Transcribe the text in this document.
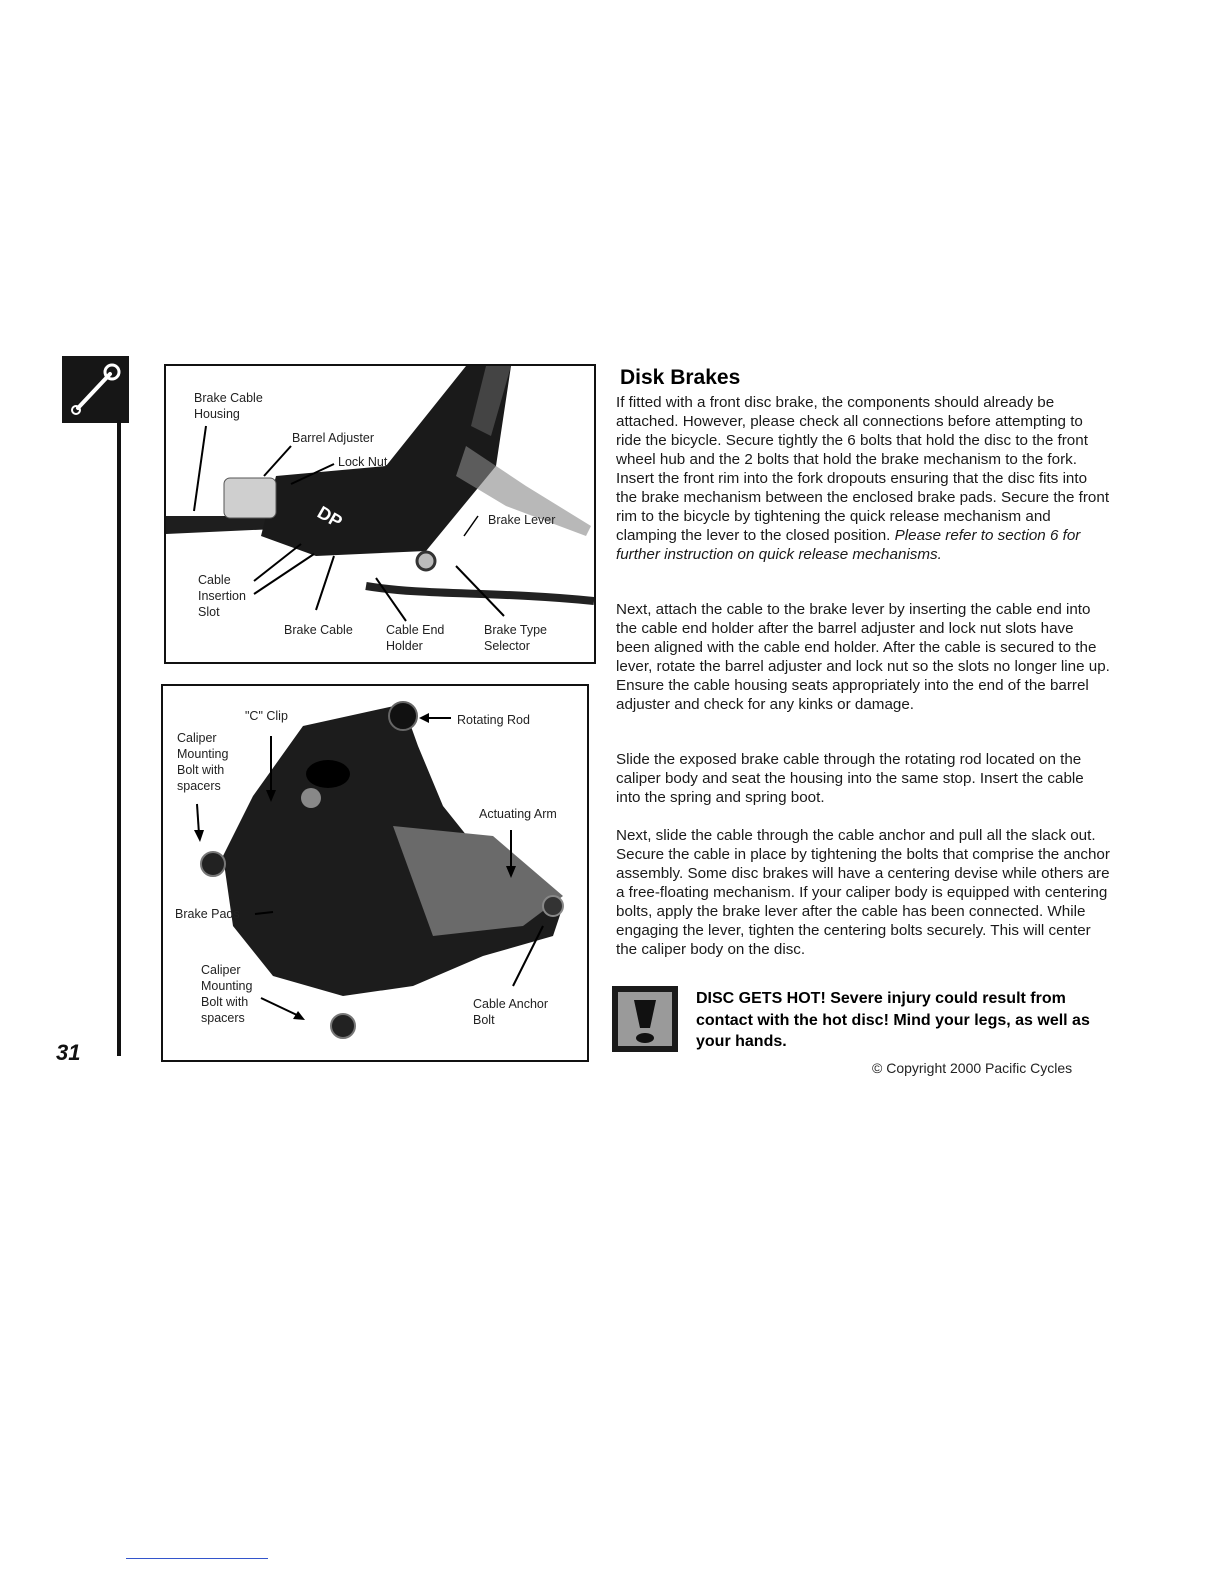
31
DP
Brake Cable
Housing
Barrel Adjuster
Lock Nut
Brake Lever
Cable
Insertion
Slot
Brake Cable	Cable End
Holder
Brake Type
Selector
"C" Clip	Rotating Rod
Caliper
Mounting
Bolt with
spacers
Actuating Arm
Brake Pads
Caliper
Mounting
Bolt with
spacers
Cable Anchor
Bolt
Disk Brakes
If fitted with a front disc brake, the components should already be attached. However, please check all connections before attempting to ride the bicycle. Secure tightly the 6 bolts that hold the disc to the front wheel hub and the 2 bolts that hold the brake mechanism to the fork. Insert the front rim into the fork dropouts ensuring that the disc fits into the brake mechanism between the enclosed brake pads. Secure the front rim to the bicycle by tightening the quick release mechanism and clamping the lever to the closed position. Please refer to section 6 for further instruction on quick release mechanisms.
Next, attach the cable to the brake lever by inserting the cable end into the cable end holder after the barrel adjuster and lock nut slots have been aligned with the cable end holder. After the cable is secured to the lever, rotate the barrel adjuster and lock nut so the slots no longer line up. Ensure the cable housing seats appropriately into the end of the barrel adjuster and check for any kinks or damage.
Slide the exposed brake cable through the rotating rod located on the caliper body and seat the housing into the same stop. Insert the cable into the spring and spring boot.
Next, slide the cable through the cable anchor and pull all the slack out. Secure the cable in place by tightening the bolts that comprise the anchor assembly. Some disc brakes will have a centering devise while others are a free-floating mechanism. If your caliper body is equipped with centering bolts, apply the brake lever after the cable has been connected. While engaging the lever, tighten the centering bolts securely. This will center the caliper body on the disc.
DISC GETS HOT! Severe injury could result from contact with the hot disc! Mind your legs, as well as your hands.
© Copyright 2000 Pacific Cycles
